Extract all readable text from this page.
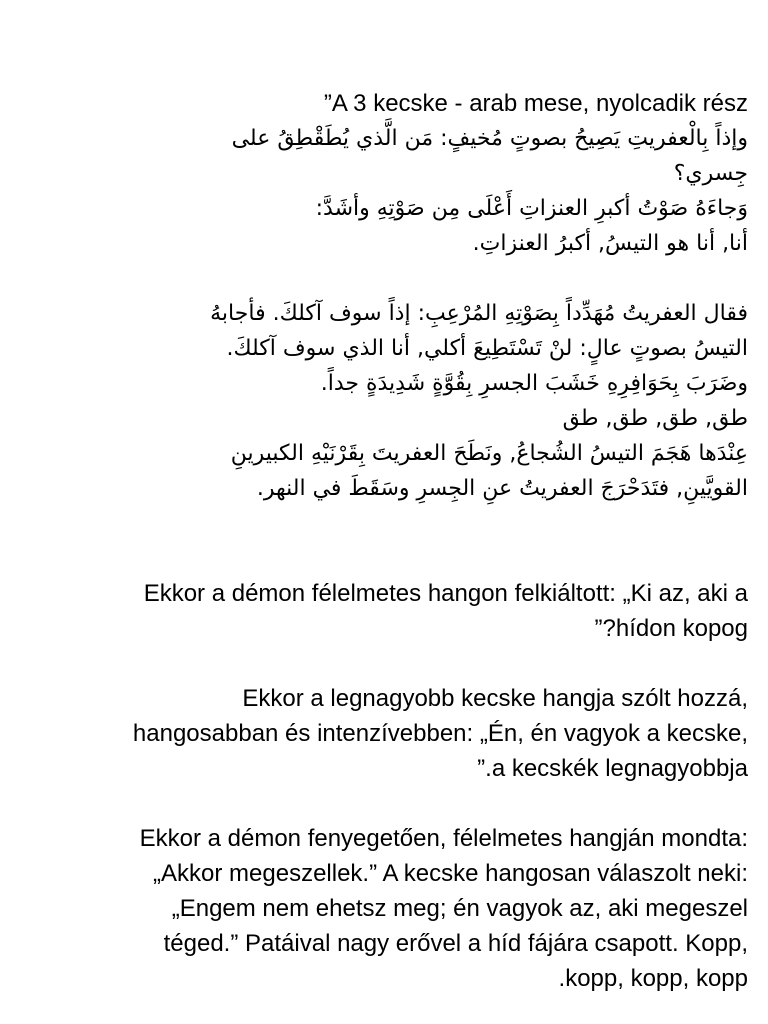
”A 3 kecske - arab mese, nyolcadik rész
وإذاً بِالْعفريتِ يَصِيحُ بصوتٍ مُخيفٍ: مَن الَّذي يُطَقْطِقُ على
جِسري؟
وَجاءَهُ صَوْتُ أكبرِ العنزاتِ أَعْلَى مِن صَوْتِهِ وأشَدَّ:
أنا, أنا هو التيسُ, أكبرُ العنزاتِ.
فقال العفريتُ مُهَدِّداً بِصَوْتِهِ المُرْعِبِ: إذاً سوف آكلكَ. فأجابهُ
التيسُ بصوتٍ عالٍ: لنْ تَسْتَطِيعَ أكلي, أنا الذي سوف آكلكَ.
وضَرَبَ بِحَوَافِرِهِ خَشَبَ الجسرِ بِقُوَّةٍ شَدِيدَةٍ جداً.
طق, طق, طق, طق
عِنْدَها هَجَمَ التيسُ الشُجاعُ, ونَطَحَ العفريتَ بِقَرْنَيْهِ الكبيرينِ
القويَّينِ, فتَدَحْرَجَ العفريتُ عنِ الجِسرِ وسَقَطَ في النهر.
Ekkor a démon félelmetes hangon felkiáltott: „Ki az, aki a
”?hídon kopog
Ekkor a legnagyobb kecske hangja szólt hozzá,
hangosabban és intenzívebben: „Én, én vagyok a kecske,
”.a kecskék legnagyobbja
Ekkor a démon fenyegetően, félelmetes hangján mondta:
„Akkor megeszellek.” A kecske hangosan válaszolt neki:
„Engem nem ehetsz meg; én vagyok az, aki megeszel
téged.” Patáival nagy erővel a híd fájára csapott. Kopp,
.kopp, kopp, kopp
